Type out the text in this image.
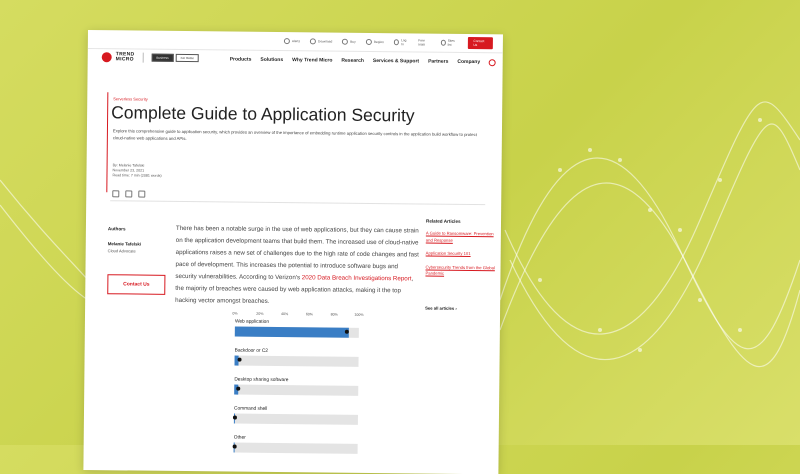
Alerts	Download	Buy	Region	Log In
Free trials
Sites list
Contact Us
TREND
MICRO	Business	For Home	Products Solutions Why Trend Micro Research Services & Support Partners Company
Serverless Security
Complete Guide to Application Security
Explore this comprehensive guide to application security, which provides an overview of the importance of embedding runtime application security controls in the application build workflow to protect cloud-native web applications and APIs.
By: Melanie Tafelski
November 23, 2021
Read time: 7 min (2081 words)
Authors
Melanie Tafelski
Cloud Advocate
Contact Us
There has been a notable surge in the use of web applications, but they can cause strain on the application development teams that build them. The increased use of cloud-native applications raises a new set of challenges due to the high rate of code changes and fast pace of development. This increases the potential to introduce software bugs and security vulnerabilities. According to Verizon's 2020 Data Breach Investigations Report, the majority of breaches were caused by web application attacks, making it the top hacking vector amongst breaches.
Related Articles
A Guide to Ransomware: Prevention and Response
Application Security 101
Cybersecurity Trends from the Global Pandemic
See all articles ›
0%	20%	40%	60%	80%	100%
Web application
Backdoor or C2
Desktop sharing software
Command shell
Other
